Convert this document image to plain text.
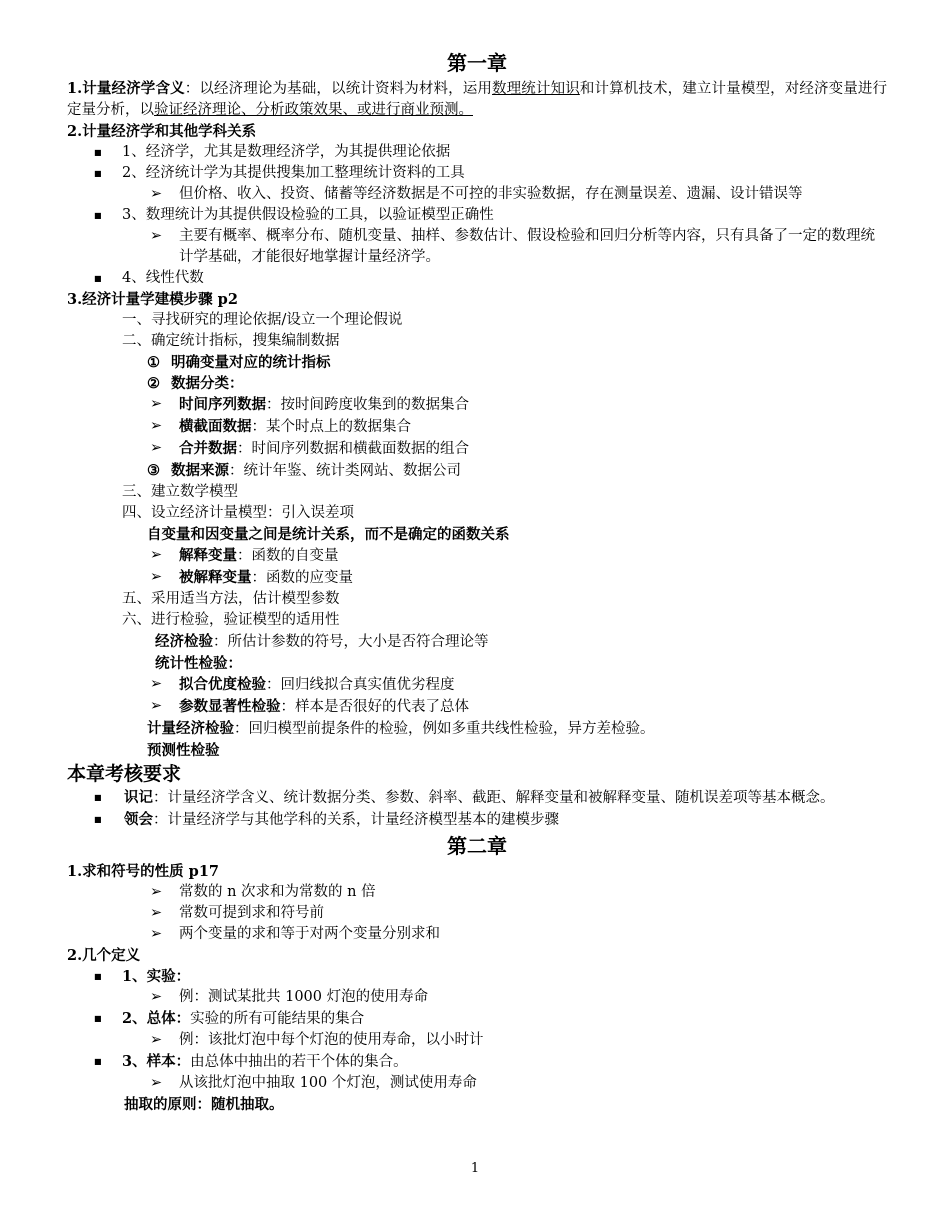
第一章

1.计量经济学含义：以经济理论为基础，以统计资料为材料，运用数理统计知识和计算机技术，建立计量模型，对经济变量进行定量分析，以验证经济理论、分析政策效果、或进行商业预测。

2.计量经济学和其他学科关系

■ 1、经济学，尤其是数理经济学，为其提供理论依据

■ 2、经济统计学为其提供搜集加工整理统计资料的工具

➢ 但价格、收入、投资、储蓄等经济数据是不可控的非实验数据，存在测量误差、遗漏、设计错误等

■ 3、数理统计为其提供假设检验的工具，以验证模型正确性

➢ 主要有概率、概率分布、随机变量、抽样、参数估计、假设检验和回归分析等内容，只有具备了一定的数理统计学基础，才能很好地掌握计量经济学。

■ 4、线性代数

3.经济计量学建模步骤 p2

一、寻找研究的理论依据/设立一个理论假说

二、确定统计指标，搜集编制数据

① 明确变量对应的统计指标

② 数据分类：

➢ 时间序列数据：按时间跨度收集到的数据集合

➢ 横截面数据：某个时点上的数据集合

➢ 合并数据：时间序列数据和横截面数据的组合

③ 数据来源：统计年鉴、统计类网站、数据公司

三、建立数学模型

四、设立经济计量模型：引入误差项

自变量和因变量之间是统计关系，而不是确定的函数关系

➢ 解释变量：函数的自变量

➢ 被解释变量：函数的应变量

五、采用适当方法，估计模型参数

六、进行检验，验证模型的适用性

经济检验：所估计参数的符号，大小是否符合理论等

统计性检验：

➢ 拟合优度检验：回归线拟合真实值优劣程度

➢ 参数显著性检验：样本是否很好的代表了总体

计量经济检验：回归模型前提条件的检验，例如多重共线性检验，异方差检验。

预测性检验

本章考核要求

■ 识记：计量经济学含义、统计数据分类、参数、斜率、截距、解释变量和被解释变量、随机误差项等基本概念。

■ 领会：计量经济学与其他学科的关系，计量经济模型基本的建模步骤

第二章

1.求和符号的性质 p17

➢ 常数的 n 次求和为常数的 n 倍

➢ 常数可提到求和符号前

➢ 两个变量的求和等于对两个变量分别求和

2.几个定义

■ 1、实验：

➢ 例：测试某批共 1000 灯泡的使用寿命

■ 2、总体：实验的所有可能结果的集合

➢ 例：该批灯泡中每个灯泡的使用寿命，以小时计

■ 3、样本：由总体中抽出的若干个体的集合。

➢ 从该批灯泡中抽取 100 个灯泡，测试使用寿命

抽取的原则：随机抽取。

1
